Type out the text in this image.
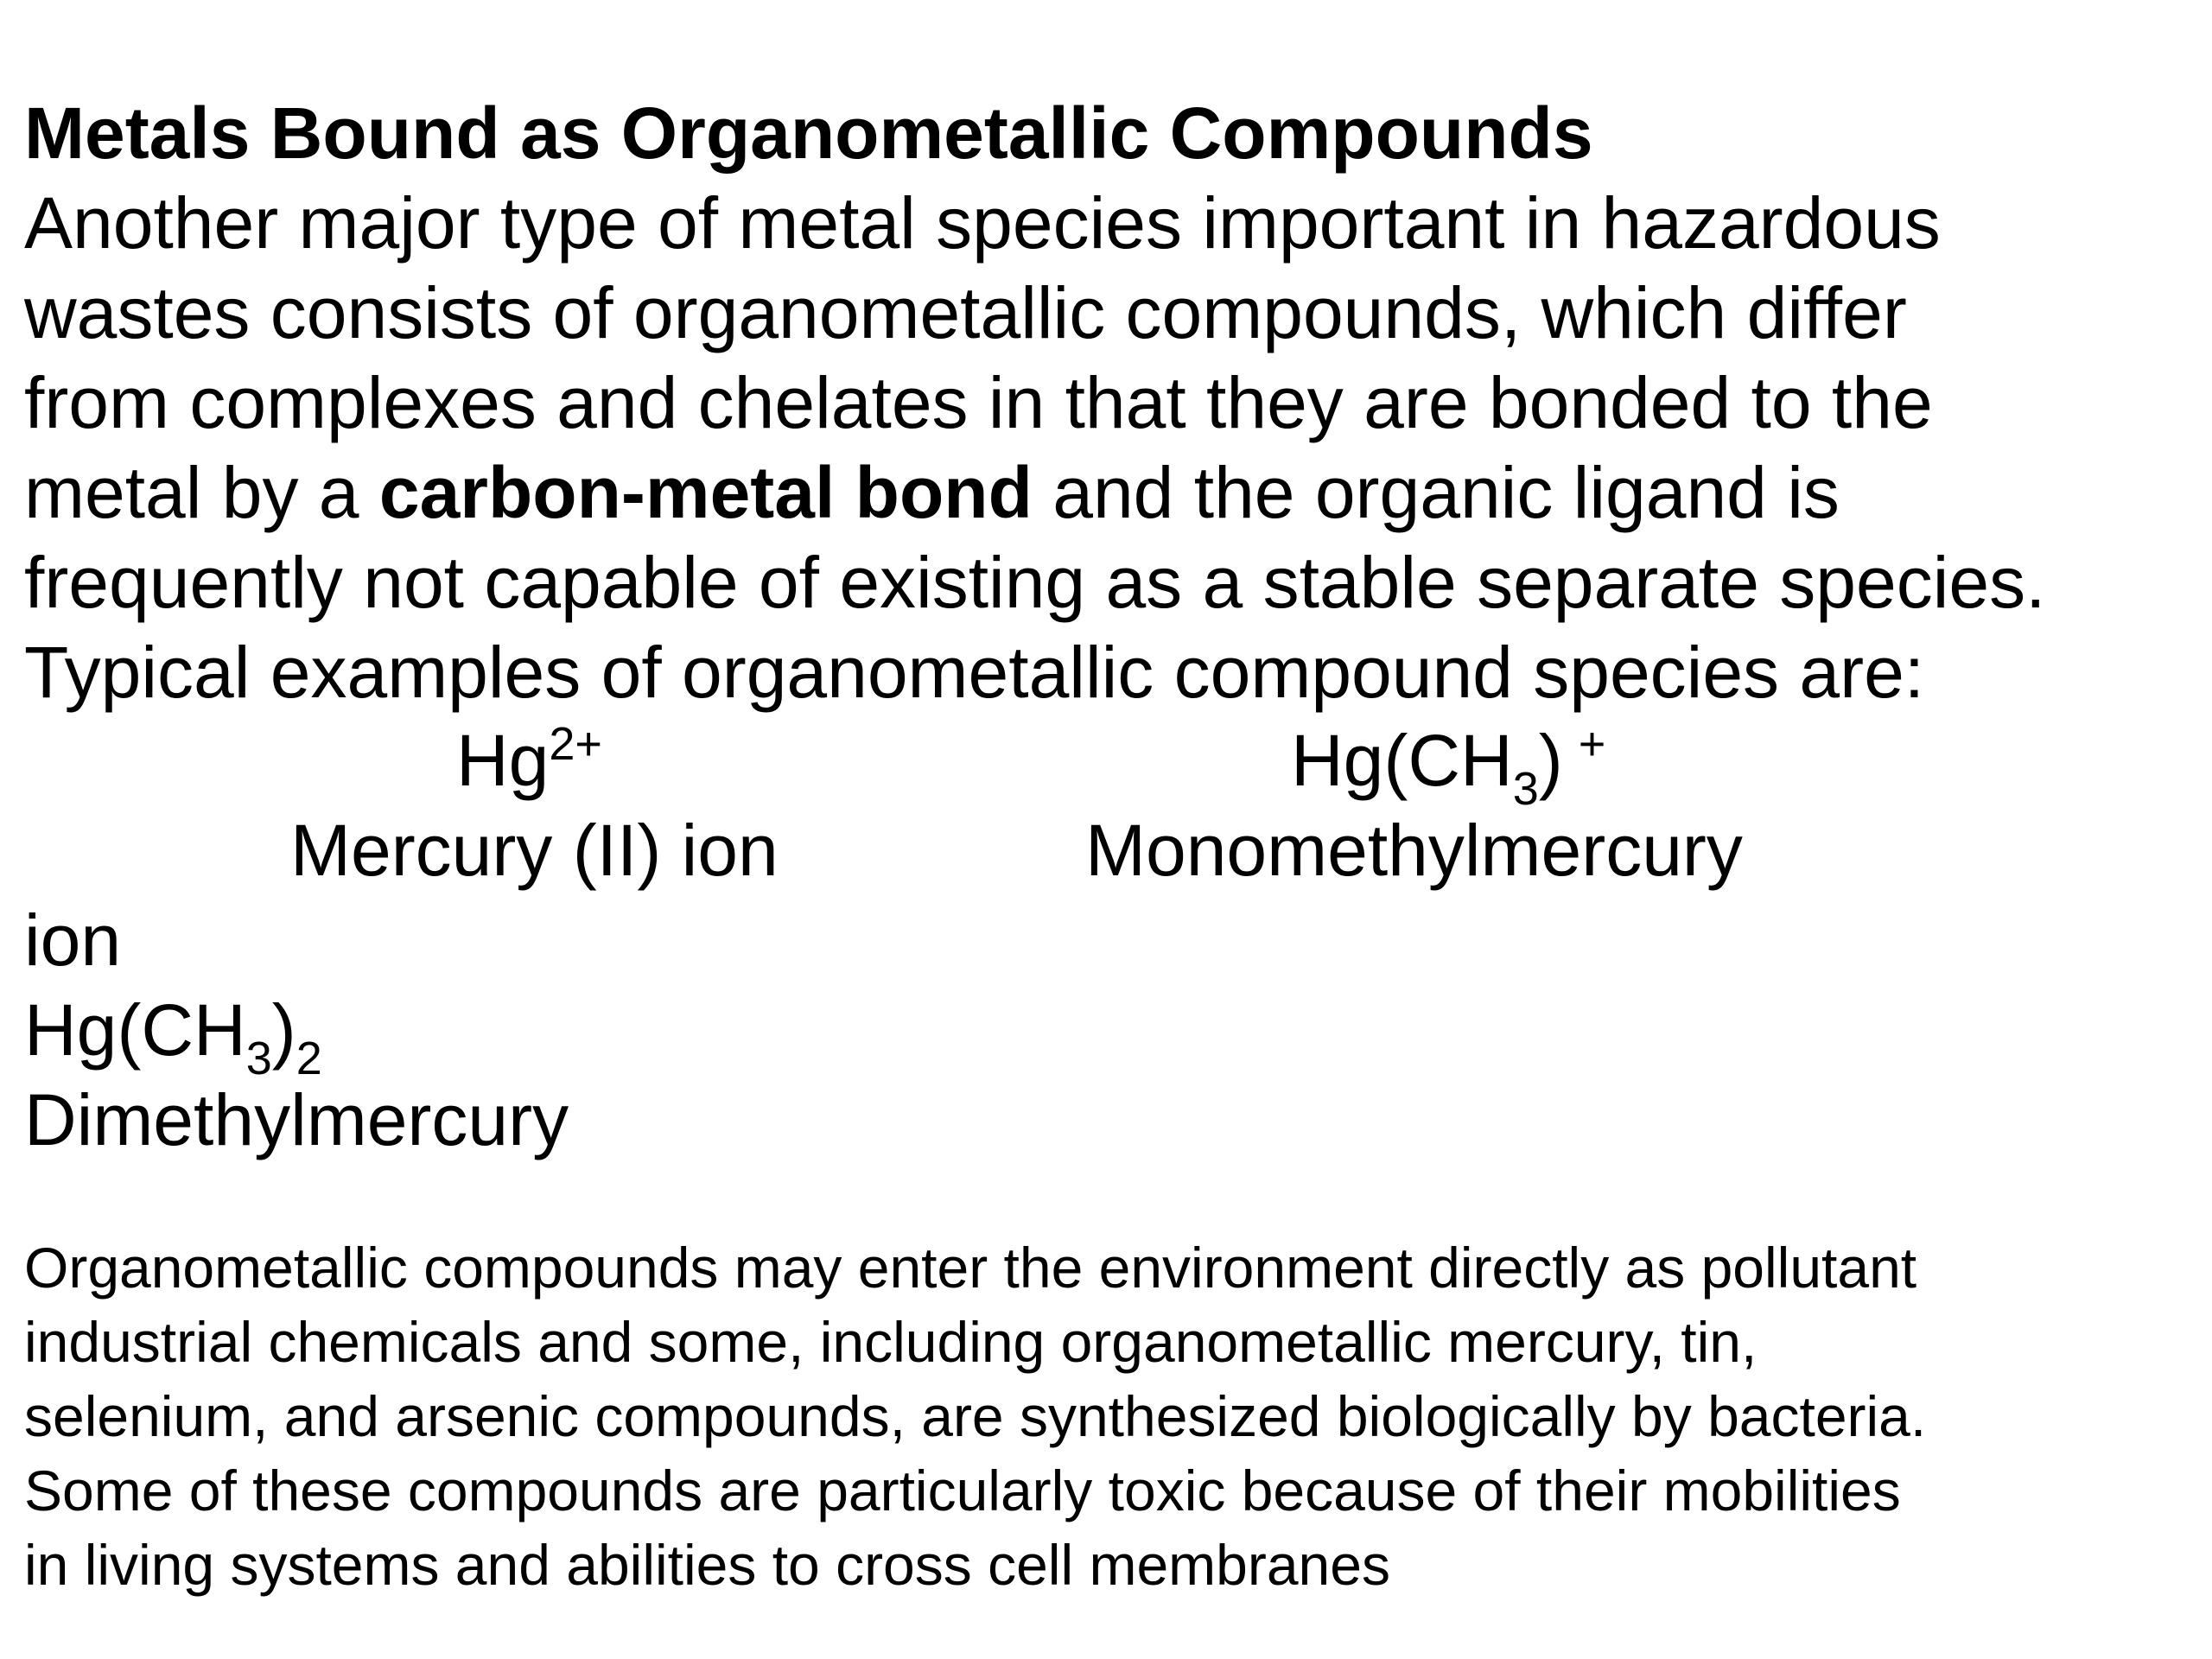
Metals Bound as Organometallic Compounds
Another major type of metal species important in hazardous
wastes consists of organometallic compounds, which differ
from complexes and chelates in that they are bonded to the
metal by a carbon-metal bond and the organic ligand is
frequently not capable of existing as a stable separate species.
Typical examples of organometallic compound species are:
$Hg^{2+}$
Mercury (II) ion
$Hg(CH_3)$ +
Monomethylmercury
ion
$Hg(CH_3)_2$
Dimethylmercury
Organometallic compounds may enter the environment directly as pollutant
industrial chemicals and some, including organometallic mercury, tin,
selenium, and arsenic compounds, are synthesized biologically by bacteria.
Some of these compounds are particularly toxic because of their mobilities
in living systems and abilities to cross cell membranes
